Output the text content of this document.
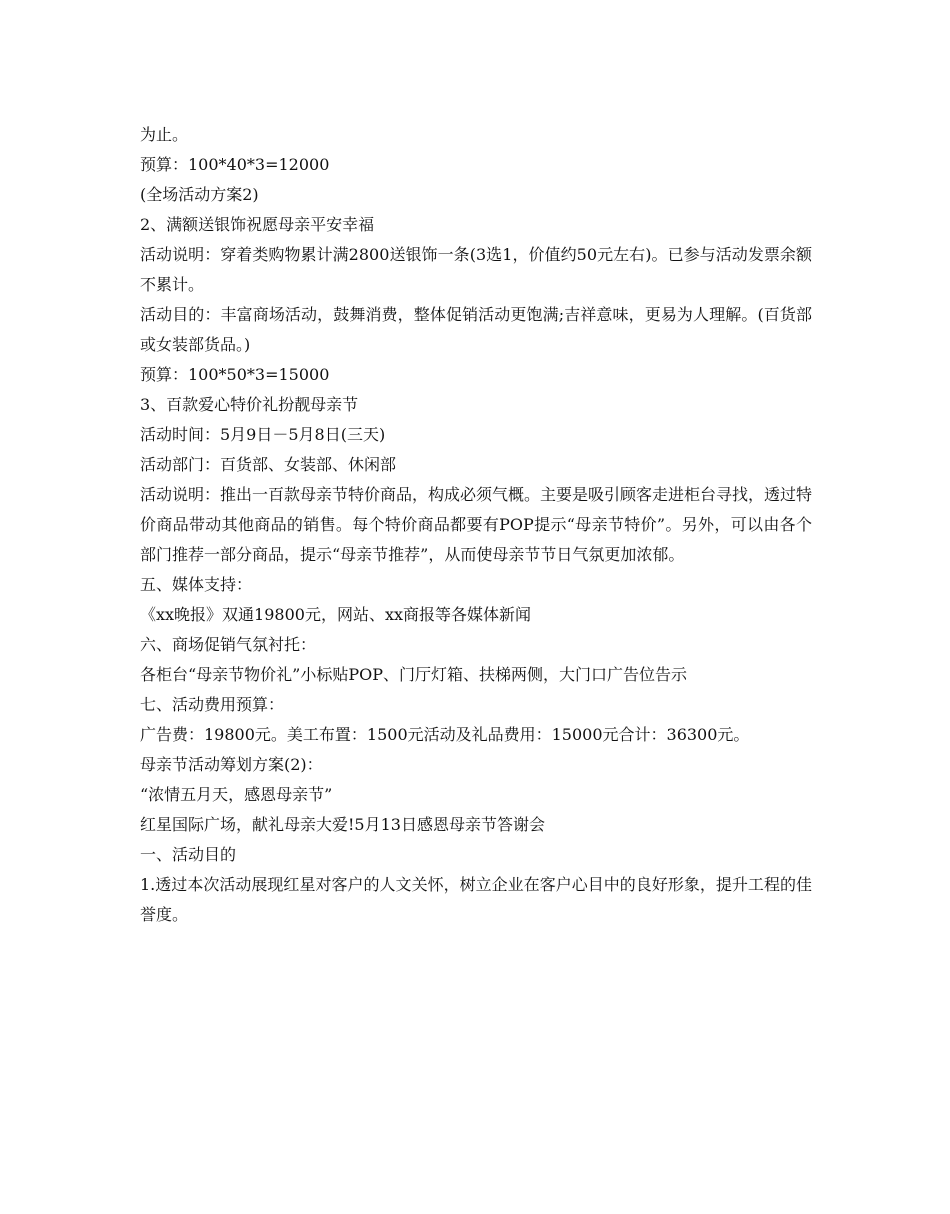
为止。
预算：100*40*3=12000
(全场活动方案2)
2、满额送银饰祝愿母亲平安幸福
活动说明：穿着类购物累计满2800送银饰一条(3选1，价值约50元左右)。已参与活动发票余额不累计。
活动目的：丰富商场活动，鼓舞消费，整体促销活动更饱满;吉祥意味，更易为人理解。(百货部或女装部货品。)
预算：100*50*3=15000
3、百款爱心特价礼扮靓母亲节
活动时间：5月9日－5月8日(三天)
活动部门：百货部、女装部、休闲部
活动说明：推出一百款母亲节特价商品，构成必须气概。主要是吸引顾客走进柜台寻找，透过特价商品带动其他商品的销售。每个特价商品都要有POP提示“母亲节特价”。另外，可以由各个部门推荐一部分商品，提示“母亲节推荐”，从而使母亲节节日气氛更加浓郁。
五、媒体支持：
《xx晚报》双通19800元，网站、xx商报等各媒体新闻
六、商场促销气氛衬托：
各柜台“母亲节物价礼”小标贴POP、门厅灯箱、扶梯两侧，大门口广告位告示
七、活动费用预算：
广告费：19800元。美工布置：1500元活动及礼品费用：15000元合计：36300元。
母亲节活动筹划方案(2)：
“浓情五月天，感恩母亲节”
红星国际广场，献礼母亲大爱!5月13日感恩母亲节答谢会
一、活动目的
1.透过本次活动展现红星对客户的人文关怀，树立企业在客户心目中的良好形象，提升工程的佳誉度。
